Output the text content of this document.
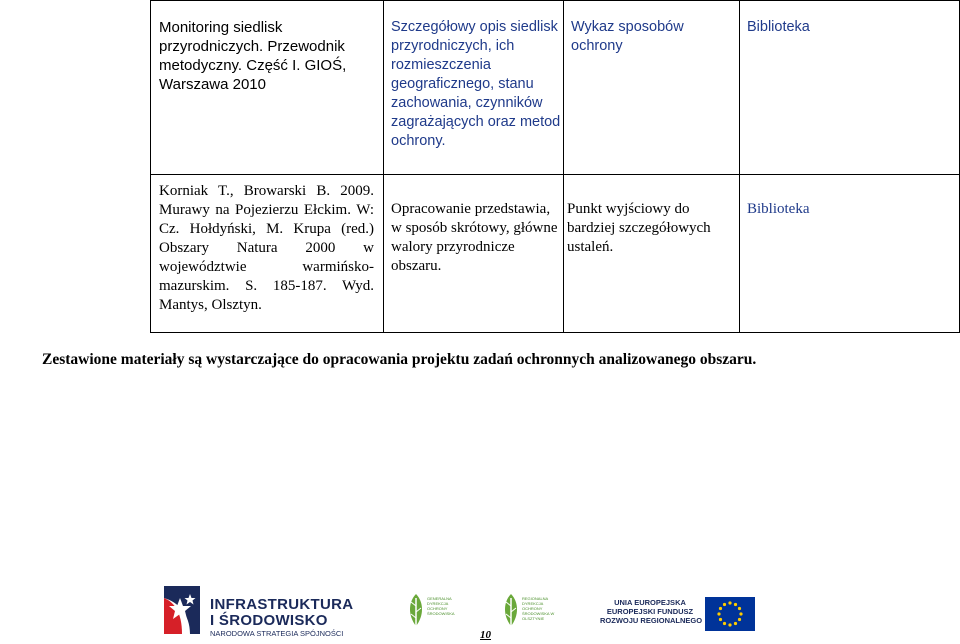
Monitoring siedlisk przyrodniczych. Przewodnik metodyczny. Część I. GIOŚ, Warszawa 2010
Szczegółowy opis siedlisk przyrodniczych, ich rozmieszczenia geograficznego, stanu zachowania, czynników zagrażających oraz metod ochrony.
Wykaz sposobów ochrony
Biblioteka
Korniak T., Browarski B. 2009. Murawy na Pojezierzu Ełckim. W: Cz. Hołdyński, M. Krupa (red.) Obszary Natura 2000 w województwie warmińsko-mazurskim. S. 185-187. Wyd. Mantys, Olsztyn.
Opracowanie przedstawia, w sposób skrótowy, główne walory przyrodnicze obszaru.
Punkt wyjściowy do bardziej szczegółowych ustaleń.
Biblioteka
Zestawione materiały są wystarczające do opracowania projektu zadań ochronnych analizowanego obszaru.
INFRASTRUKTURA
I ŚRODOWISKO
NARODOWA STRATEGIA SPÓJNOŚCI
GENERALNA DYREKCJA OCHRONY ŚRODOWISKA
REGIONALNA DYREKCJA OCHRONY ŚRODOWISKA W OLSZTYNIE
10
UNIA EUROPEJSKA
EUROPEJSKI FUNDUSZ
ROZWOJU REGIONALNEGO
